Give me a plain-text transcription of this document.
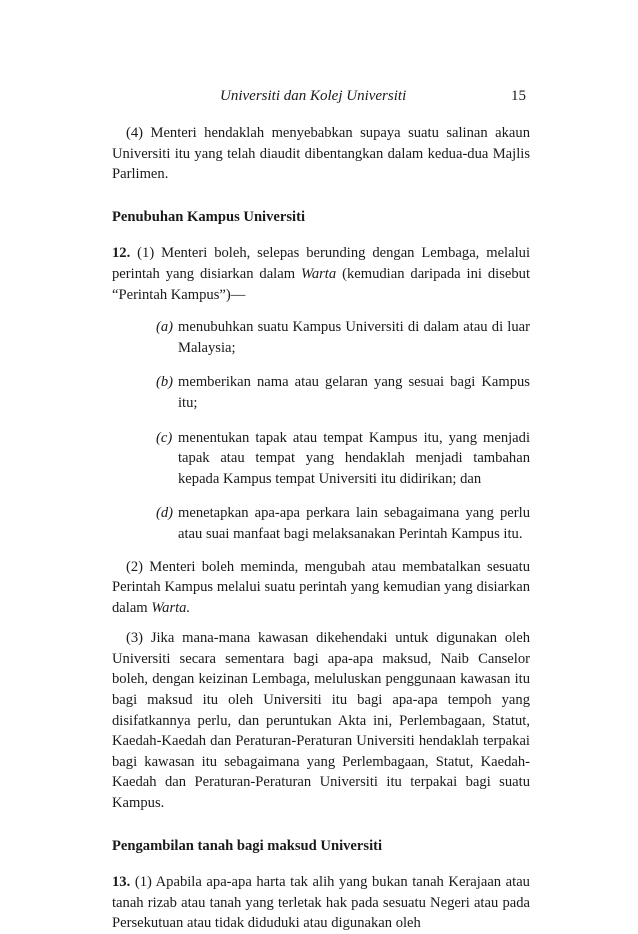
Universiti dan Kolej Universiti	15

(4) Menteri hendaklah menyebabkan supaya suatu salinan akaun Universiti itu yang telah diaudit dibentangkan dalam kedua-dua Majlis Parlimen.

Penubuhan Kampus Universiti

12. (1) Menteri boleh, selepas berunding dengan Lembaga, melalui perintah yang disiarkan dalam Warta (kemudian daripada ini disebut “Perintah Kampus”)—

(a) menubuhkan suatu Kampus Universiti di dalam atau di luar Malaysia;
(b) memberikan nama atau gelaran yang sesuai bagi Kampus itu;
(c) menentukan tapak atau tempat Kampus itu, yang menjadi tapak atau tempat yang hendaklah menjadi tambahan kepada Kampus tempat Universiti itu didirikan; dan
(d) menetapkan apa-apa perkara lain sebagaimana yang perlu atau suai manfaat bagi melaksanakan Perintah Kampus itu.

(2) Menteri boleh meminda, mengubah atau membatalkan sesuatu Perintah Kampus melalui suatu perintah yang kemudian yang disiarkan dalam Warta.

(3) Jika mana-mana kawasan dikehendaki untuk digunakan oleh Universiti secara sementara bagi apa-apa maksud, Naib Canselor boleh, dengan keizinan Lembaga, meluluskan penggunaan kawasan itu bagi maksud itu oleh Universiti itu bagi apa-apa tempoh yang disifatkannya perlu, dan peruntukan Akta ini, Perlembagaan, Statut, Kaedah-Kaedah dan Peraturan-Peraturan Universiti hendaklah terpakai bagi kawasan itu sebagaimana yang Perlembagaan, Statut, Kaedah-Kaedah dan Peraturan-Peraturan Universiti itu terpakai bagi suatu Kampus.

Pengambilan tanah bagi maksud Universiti

13. (1) Apabila apa-apa harta tak alih yang bukan tanah Kerajaan atau tanah rizab atau tanah yang terletak hak pada sesuatu Negeri atau pada Persekutuan atau tidak diduduki atau digunakan oleh
